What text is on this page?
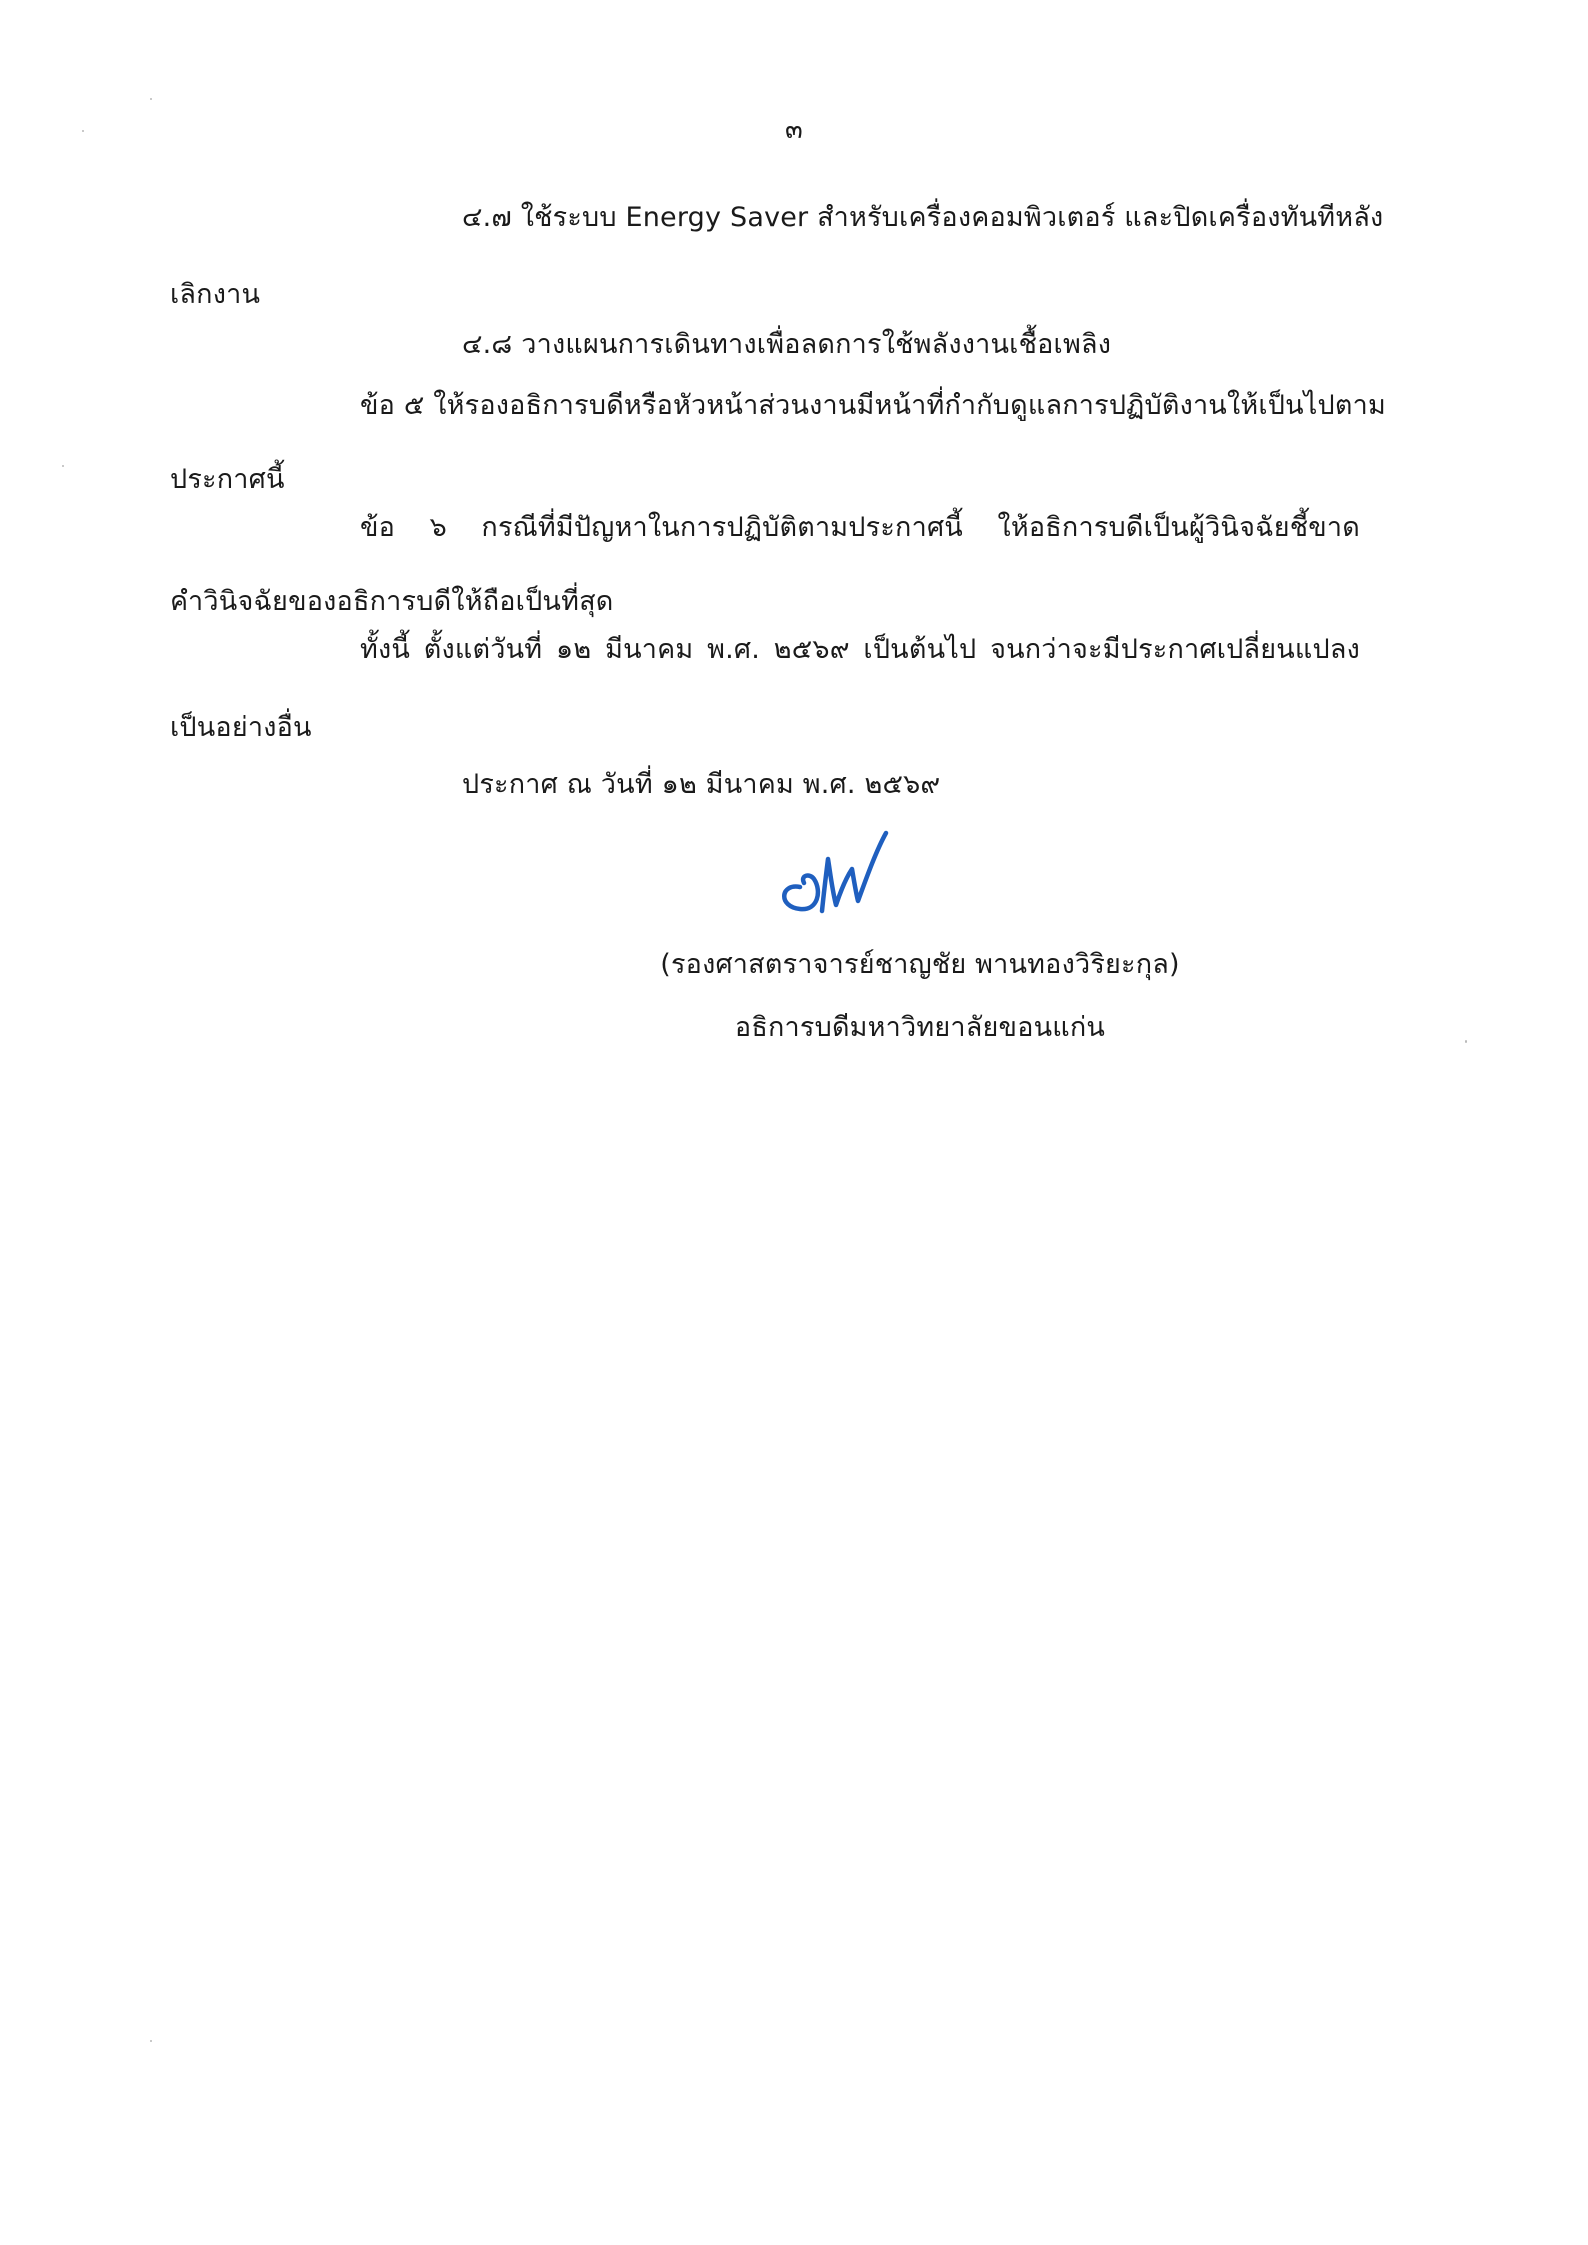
๓
๔.๗ ใช้ระบบ Energy Saver สำหรับเครื่องคอมพิวเตอร์ และปิดเครื่องทันทีหลัง
เลิกงาน
๔.๘ วางแผนการเดินทางเพื่อลดการใช้พลังงานเชื้อเพลิง
ข้อ ๕ ให้รองอธิการบดีหรือหัวหน้าส่วนงานมีหน้าที่กำกับดูแลการปฏิบัติงานให้เป็นไปตาม
ประกาศนี้
ข้อ ๖ กรณีที่มีปัญหาในการปฏิบัติตามประกาศนี้ ให้อธิการบดีเป็นผู้วินิจฉัยชี้ขาด
คำวินิจฉัยของอธิการบดีให้ถือเป็นที่สุด
ทั้งนี้ ตั้งแต่วันที่ ๑๒ มีนาคม พ.ศ. ๒๕๖๙ เป็นต้นไป จนกว่าจะมีประกาศเปลี่ยนแปลง
เป็นอย่างอื่น
ประกาศ ณ วันที่ ๑๒ มีนาคม พ.ศ. ๒๕๖๙
(รองศาสตราจารย์ชาญชัย พานทองวิริยะกุล)
อธิการบดีมหาวิทยาลัยขอนแก่น
